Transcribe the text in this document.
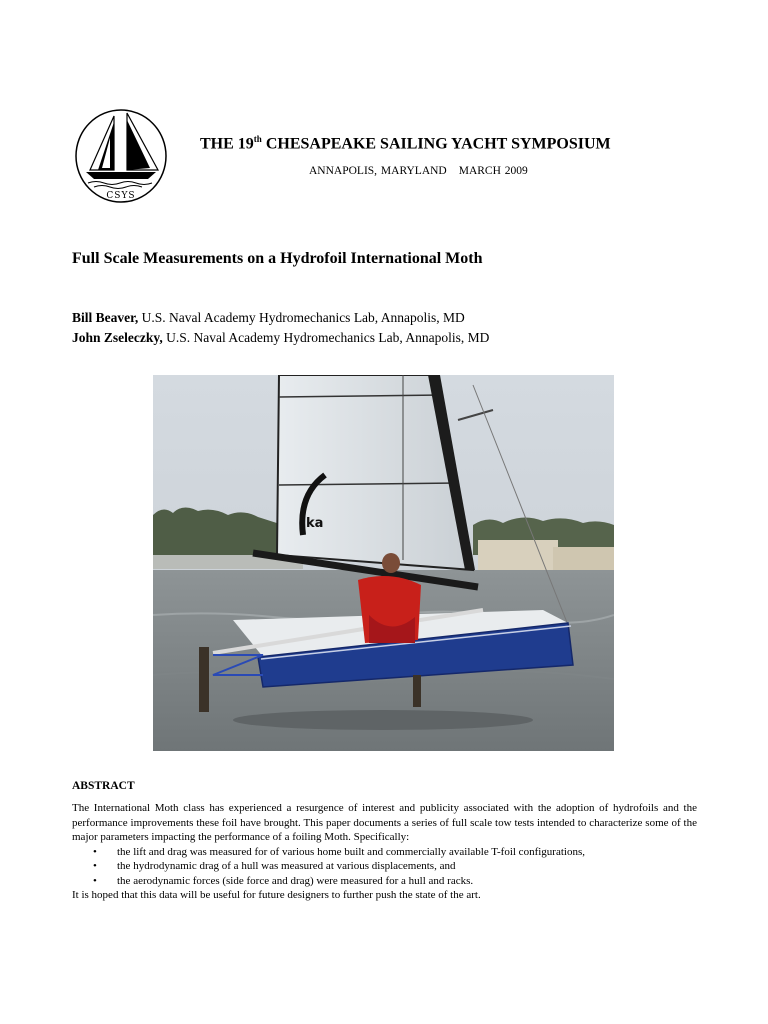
CSYS
THE 19th CHESAPEAKE SAILING YACHT SYMPOSIUM
ANNAPOLIS, MARYLAND MARCH 2009
Full Scale Measurements on a Hydrofoil International Moth
Bill Beaver, U.S. Naval Academy Hydromechanics Lab, Annapolis, MD
John Zseleczky, U.S. Naval Academy Hydromechanics Lab, Annapolis, MD
ka
ABSTRACT

The International Moth class has experienced a resurgence of interest and publicity associated with the adoption of hydrofoils and the performance improvements these foil have brought. This paper documents a series of full scale tow tests intended to characterize some of the major parameters impacting the performance of a foiling Moth. Specifically:

• the lift and drag was measured for of various home built and commercially available T-foil configurations,
• the hydrodynamic drag of a hull was measured at various displacements, and
• the aerodynamic forces (side force and drag) were measured for a hull and racks.

It is hoped that this data will be useful for future designers to further push the state of the art.
